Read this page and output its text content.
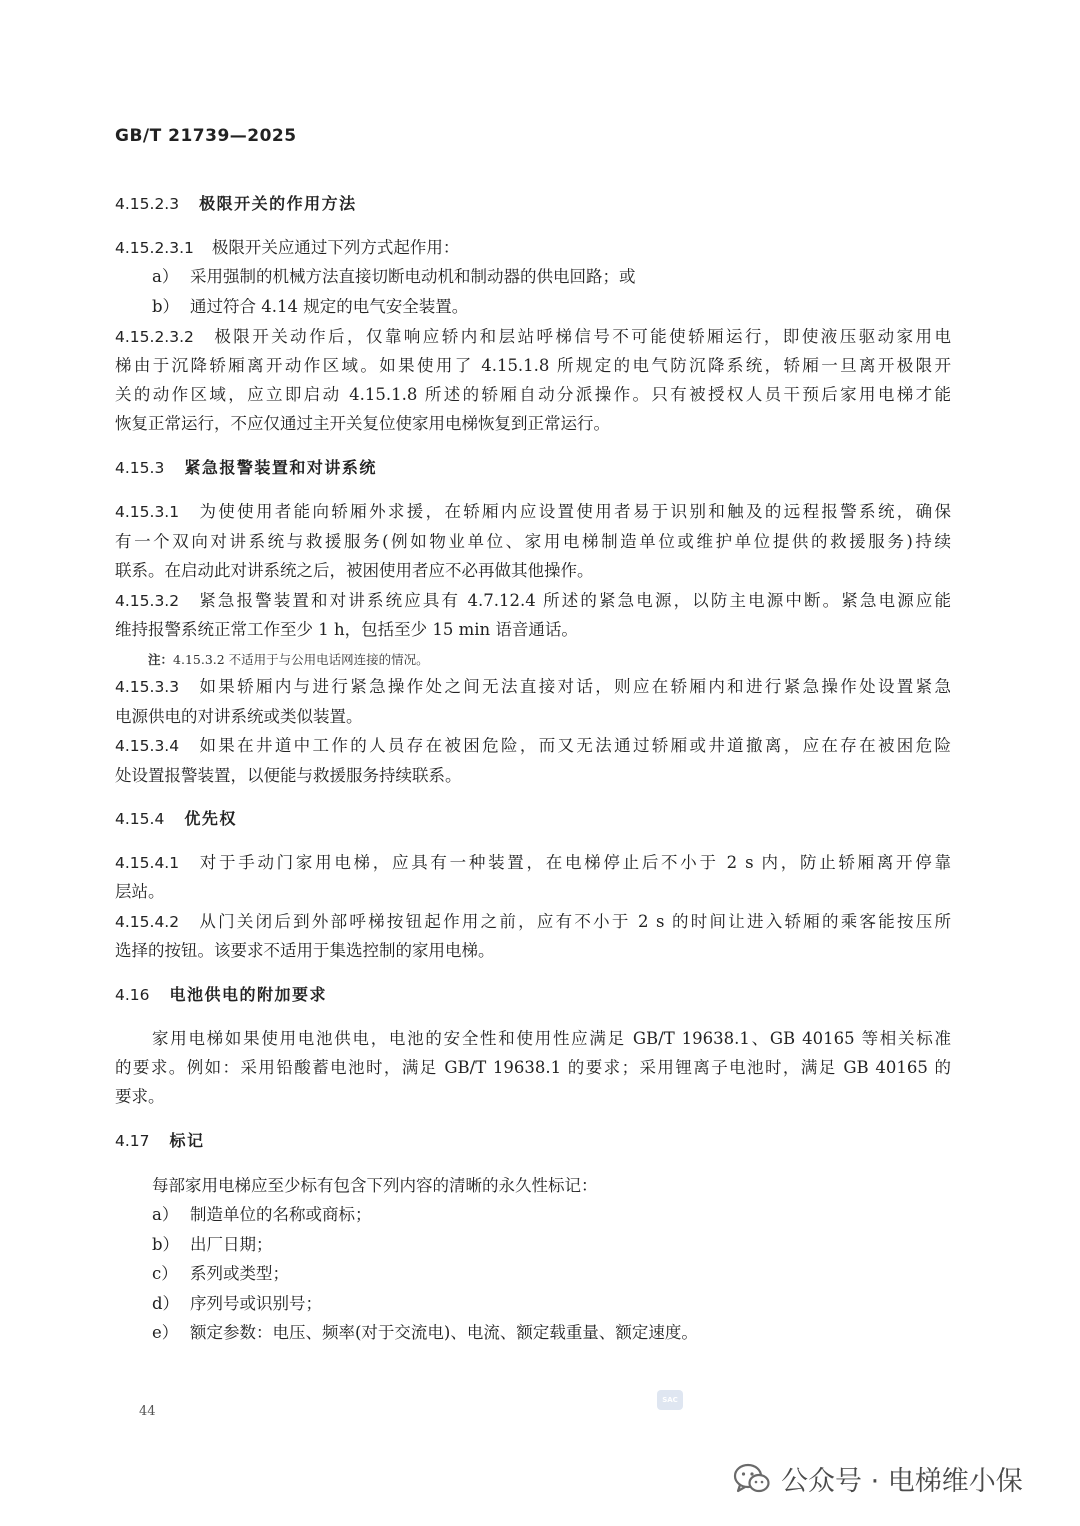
GB/T 21739—2025
4.15.2.3 极限开关的作用方法
4.15.2.3.1 极限开关应通过下列方式起作用：
a） 采用强制的机械方法直接切断电动机和制动器的供电回路；或
b） 通过符合 4.14 规定的电气安全装置。
4.15.2.3.2 极限开关动作后，仅靠响应轿内和层站呼梯信号不可能使轿厢运行，即使液压驱动家用电
梯由于沉降轿厢离开动作区域。如果使用了 4.15.1.8 所规定的电气防沉降系统，轿厢一旦离开极限开
关的动作区域，应立即启动 4.15.1.8 所述的轿厢自动分派操作。只有被授权人员干预后家用电梯才能
恢复正常运行，不应仅通过主开关复位使家用电梯恢复到正常运行。
4.15.3 紧急报警装置和对讲系统
4.15.3.1 为使使用者能向轿厢外求援，在轿厢内应设置使用者易于识别和触及的远程报警系统，确保
有一个双向对讲系统与救援服务(例如物业单位、家用电梯制造单位或维护单位提供的救援服务)持续
联系。在启动此对讲系统之后，被困使用者应不必再做其他操作。
4.15.3.2 紧急报警装置和对讲系统应具有 4.7.12.4 所述的紧急电源，以防主电源中断。紧急电源应能
维持报警系统正常工作至少 1 h，包括至少 15 min 语音通话。
注：4.15.3.2 不适用于与公用电话网连接的情况。
4.15.3.3 如果轿厢内与进行紧急操作处之间无法直接对话，则应在轿厢内和进行紧急操作处设置紧急
电源供电的对讲系统或类似装置。
4.15.3.4 如果在井道中工作的人员存在被困危险，而又无法通过轿厢或井道撤离，应在存在被困危险
处设置报警装置，以便能与救援服务持续联系。
4.15.4 优先权
4.15.4.1 对于手动门家用电梯，应具有一种装置，在电梯停止后不小于 2 s 内，防止轿厢离开停靠
层站。
4.15.4.2 从门关闭后到外部呼梯按钮起作用之前，应有不小于 2 s 的时间让进入轿厢的乘客能按压所
选择的按钮。该要求不适用于集选控制的家用电梯。
4.16 电池供电的附加要求
家用电梯如果使用电池供电，电池的安全性和使用性应满足 GB/T 19638.1、GB 40165 等相关标准
的要求。例如：采用铅酸蓄电池时，满足 GB/T 19638.1 的要求；采用锂离子电池时，满足 GB 40165 的
要求。
4.17 标记
每部家用电梯应至少标有包含下列内容的清晰的永久性标记：
a） 制造单位的名称或商标；
b） 出厂日期；
c） 系列或类型；
d） 序列号或识别号；
e） 额定参数：电压、频率(对于交流电)、电流、额定载重量、额定速度。
44
SAC
公众号 · 电梯维小保
